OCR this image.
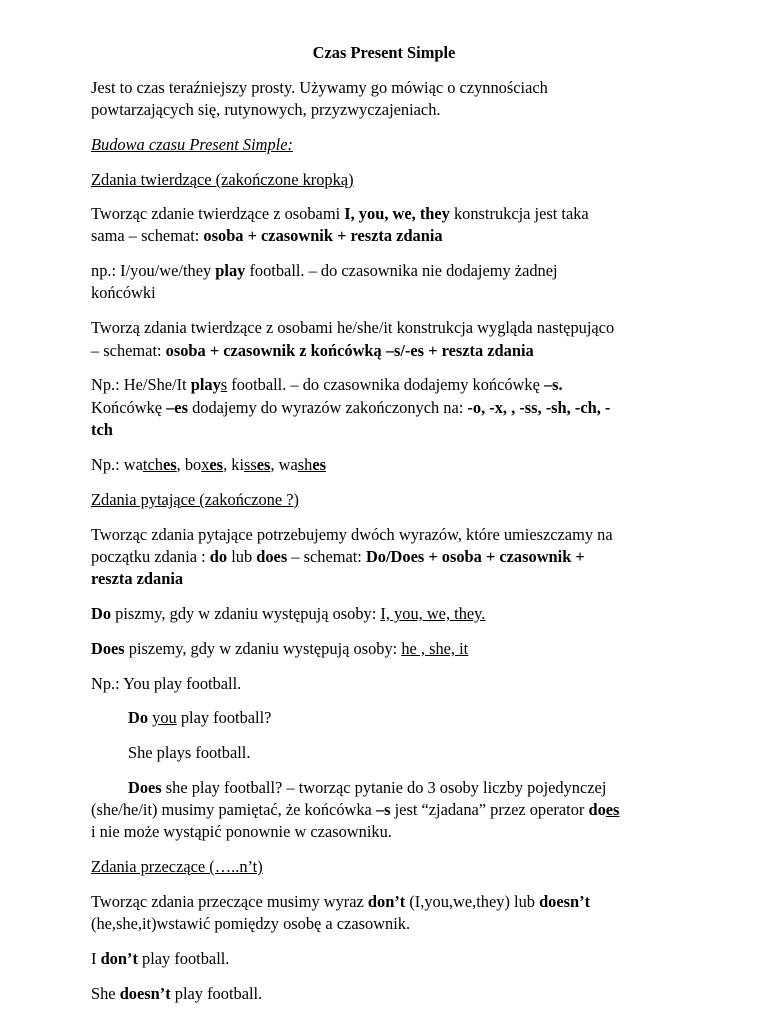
Czas Present Simple
Jest to czas teraźniejszy prosty. Używamy go mówiąc o czynnościach
powtarzających się, rutynowych, przyzwyczajeniach.
Budowa czasu Present Simple:
Zdania twierdzące (zakończone kropką)
Tworząc zdanie twierdzące z osobami I, you, we, they konstrukcja jest taka
sama – schemat: osoba + czasownik + reszta zdania
np.: I/you/we/they play football. – do czasownika nie dodajemy żadnej
końcówki
Tworzą zdania twierdzące z osobami he/she/it konstrukcja wygląda następująco
– schemat: osoba + czasownik z końcówką –s/-es + reszta zdania
Np.: He/She/It plays football. – do czasownika dodajemy końcówkę –s.
Końcówkę –es dodajemy do wyrazów zakończonych na: -o, -x, , -ss, -sh, -ch, -
tch
Np.: watches, boxes, kisses, washes
Zdania pytające (zakończone ?)
Tworząc zdania pytające potrzebujemy dwóch wyrazów, które umieszczamy na
początku zdania : do lub does – schemat: Do/Does + osoba + czasownik +
reszta zdania
Do piszmy, gdy w zdaniu występują osoby: I, you, we, they.
Does piszemy, gdy w zdaniu występują osoby: he , she, it
Np.: You play football.
Do you play football?
She plays football.
Does she play football? – tworząc pytanie do 3 osoby liczby pojedynczej
(she/he/it) musimy pamiętać, że końcówka –s jest “zjadana” przez operator does
i nie może wystąpić ponownie w czasowniku.
Zdania przeczące (…..n’t)
Tworząc zdania przeczące musimy wyraz don’t (I,you,we,they) lub doesn’t
(he,she,it)wstawić pomiędzy osobę a czasownik.
I don’t play football.
She doesn’t play football.
